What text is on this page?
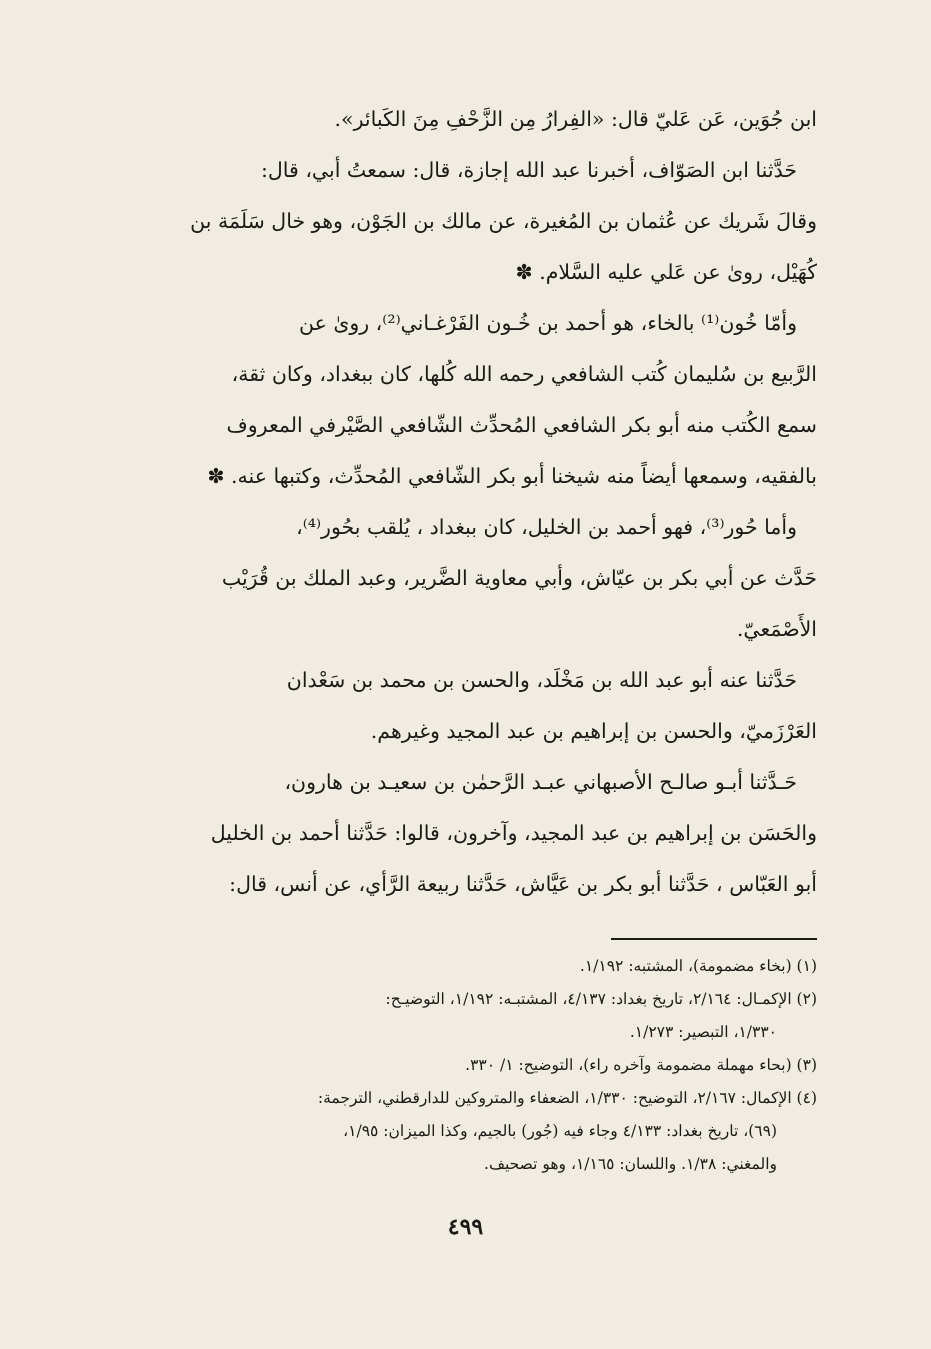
ابن جُوَين، عَن عَليّ قال: «الفِرارُ مِن الزَّحْفِ مِنَ الكَبائر».

حَدَّثنا ابن الصَوّاف، أخبرنا عبد الله إجازة، قال: سمعتُ أبي، قال:

وقالَ شَريك عن عُثمان بن المُغيرة، عن مالك بن الجَوْن، وهو خال سَلَمَة بن

كُهَيْل، روىٰ عن عَلي عليه السَّلام. ✽

وأمّا خُون⁽¹⁾ بالخاء، هو أحمد بن خُـون الفَرْغـاني⁽²⁾، روىٰ عن

الرَّبيع بن سُليمان كُتب الشافعي رحمه الله كُلها، كان ببغداد، وكان ثقة،

سمع الكُتب منه أبو بكر الشافعي المُحدِّث الشّافعي الصَّيْرفي المعروف

بالفقيه، وسمعها أيضاً منه شيخنا أبو بكر الشّافعي المُحدِّث، وكتبها عنه. ✽

وأما حُور⁽³⁾، فهو أحمد بن الخليل، كان ببغداد ، يُلقب بحُور⁽⁴⁾،

حَدَّث عن أبي بكر بن عيّاش، وأبي معاوية الضَّرير، وعبد الملك بن قُرَيْب

الأَصْمَعيّ.

حَدَّثنا عنه أبو عبد الله بن مَخْلَد، والحسن بن محمد بن سَعْدان

العَرْزَميّ، والحسن بن إبراهيم بن عبد المجيد وغيرهم.

حَـدَّثنا أبـو صالـح الأصبهاني عبـد الرَّحمٰن بن سعيـد بن هارون،

والحَسَن بن إبراهيم بن عبد المجيد، وآخرون، قالوا: حَدَّثنا أحمد بن الخليل

أبو العَبّاس ، حَدَّثنا أبو بكر بن عَيَّاش، حَدَّثنا ربيعة الرَّأي، عن أنس، قال:

(١) (بخاء مضمومة)، المشتبه: ١/١٩٢.

(٢) الإكمـال: ٢/١٦٤، تاريخ بغداد: ٤/١٣٧، المشتبـه: ١/١٩٢، التوضيـح:

١/٣٣٠، التبصير: ١/٢٧٣.

(٣) (بحاء مهملة مضمومة وآخره راء)، التوضيح: ١/ ٣٣٠.

(٤) الإكمال: ٢/١٦٧، التوضيح: ١/٣٣٠، الضعفاء والمتروكين للدارقطني، الترجمة:

(٦٩)، تاريخ بغداد: ٤/١٣٣ وجاء فيه (جُور) بالجيم، وكذا الميزان: ١/٩٥،

والمغني: ١/٣٨. واللسان: ١/١٦٥، وهو تصحيف.

٤٩٩
